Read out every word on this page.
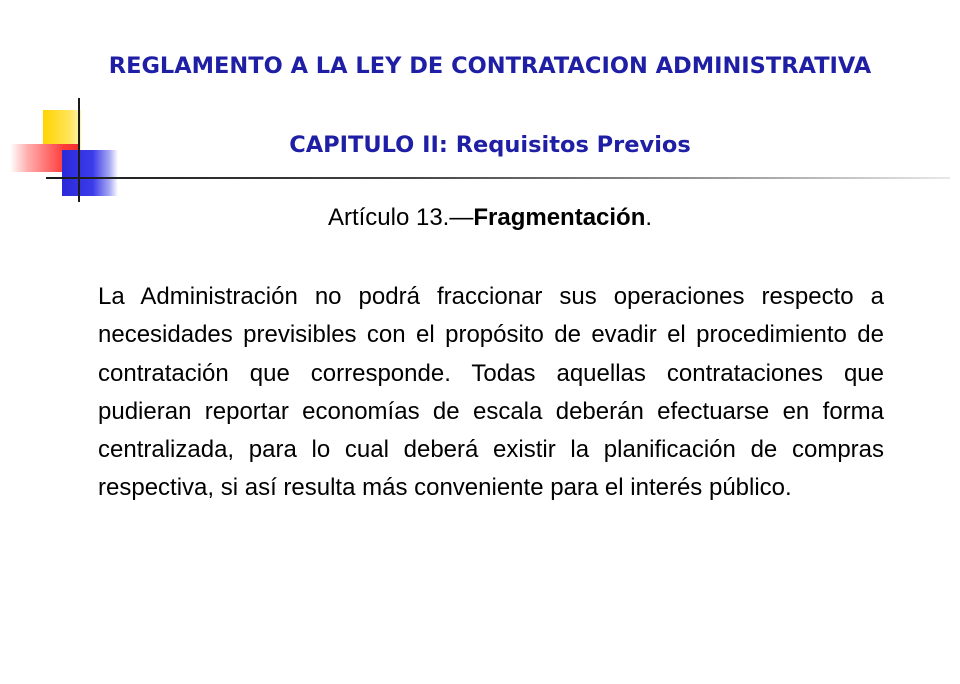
REGLAMENTO A LA LEY DE CONTRATACION ADMINISTRATIVA
CAPITULO II: Requisitos Previos
Artículo 13.—Fragmentación.
La Administración no podrá fraccionar sus operaciones respecto a necesidades previsibles con el propósito de evadir el procedimiento de contratación que corresponde. Todas aquellas contrataciones que pudieran reportar economías de escala deberán efectuarse en forma centralizada, para lo cual deberá existir la planificación de compras respectiva, si así resulta más conveniente para el interés público.
